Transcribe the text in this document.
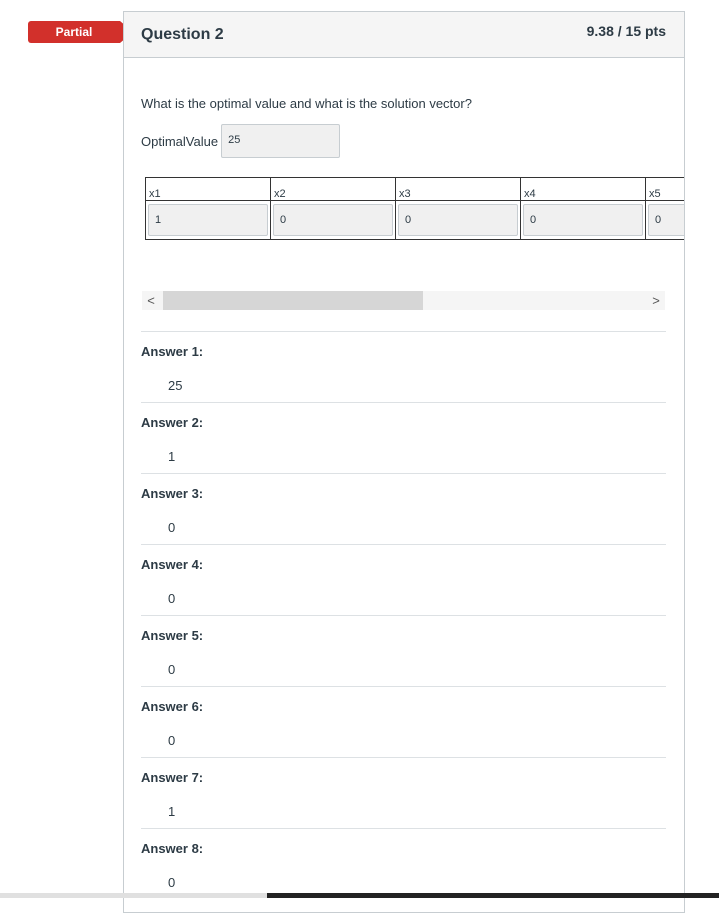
Partial	Question 2	9.38 / 15 pts
What is the optimal value and what is the solution vector?
OptimalValue 25
x1	x2	x3	x4	x5
1	0	0	0	0
<	>
Answer 1:
25
Answer 2:
1
Answer 3:
0
Answer 4:
0
Answer 5:
0
Answer 6:
0
Answer 7:
1
Answer 8:
0
